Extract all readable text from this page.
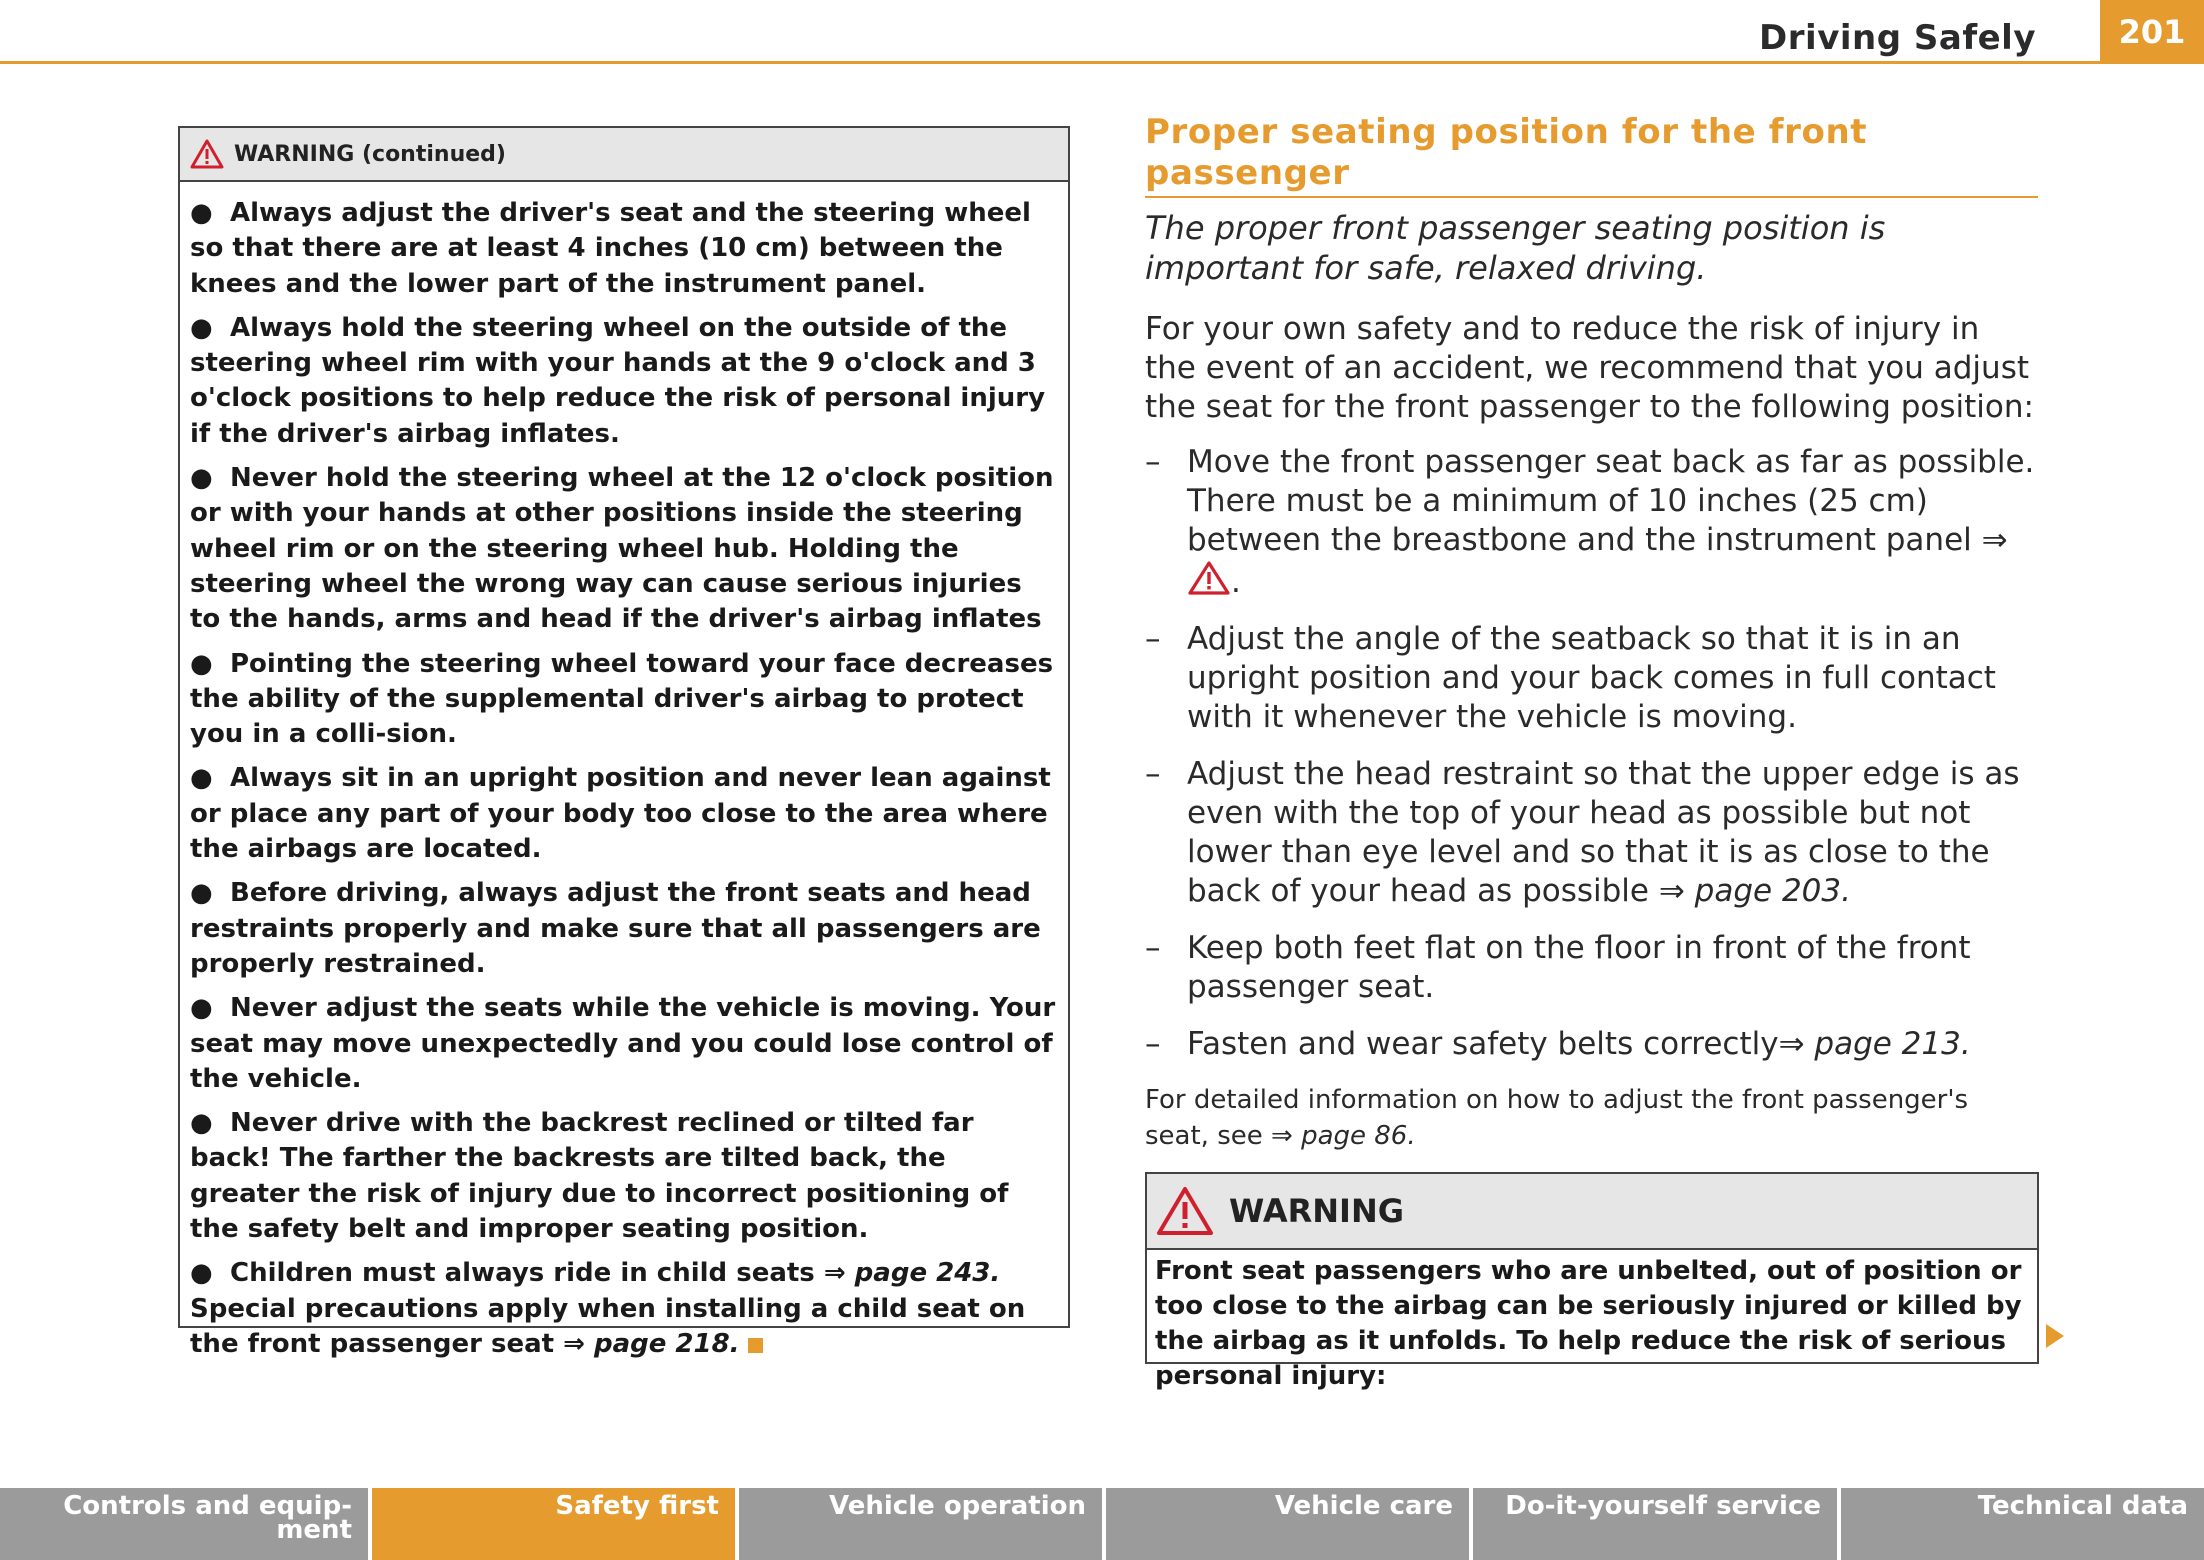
Driving Safely	201
WARNING (continued)
● Always adjust the driver's seat and the steering wheel so that there are at least 4 inches (10 cm) between the knees and the lower part of the instrument panel.
● Always hold the steering wheel on the outside of the steering wheel rim with your hands at the 9 o'clock and 3 o'clock positions to help reduce the risk of personal injury if the driver's airbag inflates.
● Never hold the steering wheel at the 12 o'clock position or with your hands at other positions inside the steering wheel rim or on the steering wheel hub. Holding the steering wheel the wrong way can cause serious injuries to the hands, arms and head if the driver's airbag inflates
● Pointing the steering wheel toward your face decreases the ability of the supplemental driver's airbag to protect you in a colli-sion.
● Always sit in an upright position and never lean against or place any part of your body too close to the area where the airbags are located.
● Before driving, always adjust the front seats and head restraints properly and make sure that all passengers are properly restrained.
● Never adjust the seats while the vehicle is moving. Your seat may move unexpectedly and you could lose control of the vehicle.
● Never drive with the backrest reclined or tilted far back! The farther the backrests are tilted back, the greater the risk of injury due to incorrect positioning of the safety belt and improper seating position.
● Children must always ride in child seats ⇒ page 243. Special precautions apply when installing a child seat on the front passenger seat ⇒ page 218.
Proper seating position for the front passenger
The proper front passenger seating position is important for safe, relaxed driving.
For your own safety and to reduce the risk of injury in the event of an accident, we recommend that you adjust the seat for the front passenger to the following position:
– Move the front passenger seat back as far as possible. There must be a minimum of 10 inches (25 cm) between the breastbone and the instrument panel ⇒ .
– Adjust the angle of the seatback so that it is in an upright position and your back comes in full contact with it whenever the vehicle is moving.
– Adjust the head restraint so that the upper edge is as even with the top of your head as possible but not lower than eye level and so that it is as close to the back of your head as possible ⇒ page 203.
– Keep both feet flat on the floor in front of the front passenger seat.
– Fasten and wear safety belts correctly⇒ page 213.
For detailed information on how to adjust the front passenger's seat, see ⇒ page 86.
WARNING
Front seat passengers who are unbelted, out of position or too close to the airbag can be seriously injured or killed by the airbag as it unfolds. To help reduce the risk of serious personal injury:
Controls and equip-
ment
Safety first	Vehicle operation	Vehicle care	Do-it-yourself service	Technical data
